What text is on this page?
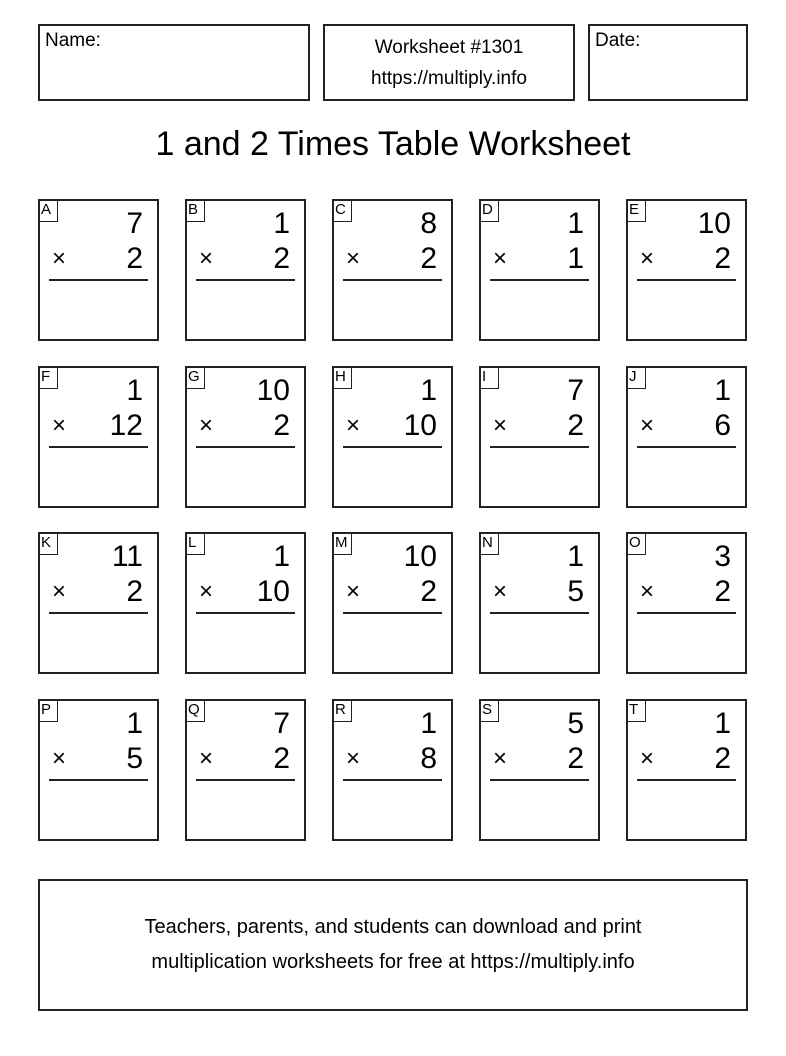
Name:	Worksheet #1301
https://multiply.info
Date:
1 and 2 Times Table Worksheet
A	7
× 2
B	1
× 2
C 8
× 2
D 1
× 1
E 10
× 2
F	1
× 12
G 10
× 2
H 1
× 10
I	7
× 2
J	1
× 6
K 11
× 2
L	1
× 10
M 10
× 2
N 1
× 5
O 3
× 2
P	1
× 5
Q 7
× 2
R 1
× 8
S	5
× 2
T	1
× 2
Teachers, parents, and students can download and print
multiplication worksheets for free at https://multiply.info
